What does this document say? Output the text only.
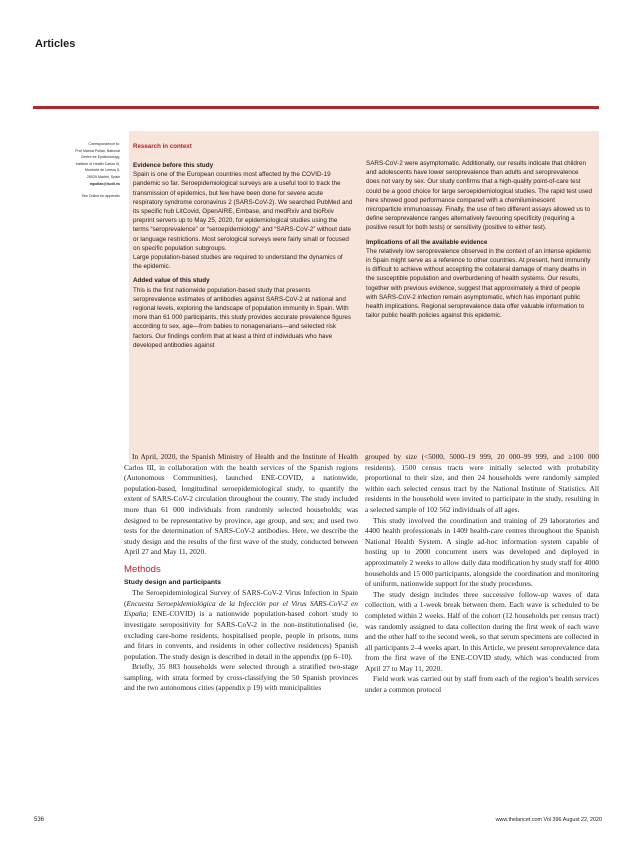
Articles
Correspondence to:
Prof Marina Pollán, National
Centre for Epidemiology,
Institute of Health Carlos III,
Monforte de Lemos 5,
28029 Madrid, Spain
mpollan@isciii.es
See Online for appendix
Research in context

Evidence before this study

Spain is one of the European countries most affected by the COVID-19 pandemic so far. Seroepidemiological surveys are a useful tool to track the transmission of epidemics, but few have been done for severe acute respiratory syndrome coronavirus 2 (SARS-CoV-2). We searched PubMed and its specific hub LitCovid, OpenAIRE, Embase, and medRxiv and bioRxiv preprint servers up to May 25, 2020, for epidemiological studies using the terms “seroprevalence” or “seroepidemiology” and “SARS-CoV-2” without date or language restrictions. Most serological surveys were fairly small or focused on specific population subgroups.

Large population-based studies are required to understand the dynamics of the epidemic.

Added value of this study

This is the first nationwide population-based study that presents seroprevalence estimates of antibodies against SARS-CoV-2 at national and regional levels, exploring the landscape of population immunity in Spain. With more than 61 000 participants, this study provides accurate prevalence figures according to sex, age—from babies to nonagenarians—and selected risk factors. Our findings confirm that at least a third of individuals who have developed antibodies against

SARS-CoV-2 were asymptomatic. Additionally, our results indicate that children and adolescents have lower seroprevalence than adults and seroprevalence does not vary by sex. Our study confirms that a high-quality point-of-care test could be a good choice for large seroepidemiological studies. The rapid test used here showed good performance compared with a chemiluminescent microparticle immunoassay. Finally, the use of two different assays allowed us to define seroprevalence ranges alternatively favouring specificity (requiring a positive result for both tests) or sensitivity (positive to either test).

Implications of all the available evidence

The relatively low seroprevalence observed in the context of an intense epidemic in Spain might serve as a reference to other countries. At present, herd immunity is difficult to achieve without accepting the collateral damage of many deaths in the susceptible population and overburdening of health systems. Our results, together with previous evidence, suggest that approximately a third of people with SARS-CoV-2 infection remain asymptomatic, which has important public health implications. Regional seroprevalence data offer valuable information to tailor public health policies against this epidemic.

In April, 2020, the Spanish Ministry of Health and the Institute of Health Carlos III, in collaboration with the health services of the Spanish regions (Autonomous Communities), launched ENE-COVID, a nationwide, population-based, longitudinal seroepidemiological study, to quantify the extent of SARS-CoV-2 circulation throughout the country. The study included more than 61 000 individuals from randomly selected households; was designed to be representative by province, age group, and sex; and used two tests for the determination of SARS-CoV-2 antibodies. Here, we describe the study design and the results of the first wave of the study, conducted between April 27 and May 11, 2020.

Methods

Study design and participants

The Seroepidemiological Survey of SARS-CoV-2 Virus Infection in Spain (Encuesta Seroepidemiológica de la Infección por el Virus SARS-CoV-2 en España; ENE-COVID) is a nationwide population-based cohort study to investigate seropositivity for SARS-CoV-2 in the non-institutionalised (ie, excluding care-home residents, hospitalised people, people in prisons, nuns and friars in convents, and residents in other collective residences) Spanish population. The study design is described in detail in the appendix (pp 6–10).

Briefly, 35 883 households were selected through a stratified two-stage sampling, with strata formed by cross-classifying the 50 Spanish provinces and the two autonomous cities (appendix p 19) with municipalities

grouped by size (<5000, 5000–19 999, 20 000–99 999, and ≥100 000 residents). 1500 census tracts were initially selected with probability proportional to their size, and then 24 households were randomly sampled within each selected census tract by the National Institute of Statistics. All residents in the household were invited to participate in the study, resulting in a selected sample of 102 562 individuals of all ages.

This study involved the coordination and training of 29 laboratories and 4400 health professionals in 1409 health-care centres throughout the Spanish National Health System. A single ad-hoc information system capable of hosting up to 2000 concurrent users was developed and deployed in approximately 2 weeks to allow daily data modification by study staff for 4000 households and 15 000 participants, alongside the coordination and monitoring of uniform, nationwide support for the study procedures.

The study design includes three successive follow-up waves of data collection, with a 1-week break between them. Each wave is scheduled to be completed within 2 weeks. Half of the cohort (12 households per census tract) was randomly assigned to data collection during the first week of each wave and the other half to the second week, so that serum specimens are collected in all participants 2–4 weeks apart. In this Article, we present seroprevalence data from the first wave of the ENE-COVID study, which was conducted from April 27 to May 11, 2020.

Field work was carried out by staff from each of the region’s health services under a common protocol

536	www.thelancet.com Vol 396 August 22, 2020
